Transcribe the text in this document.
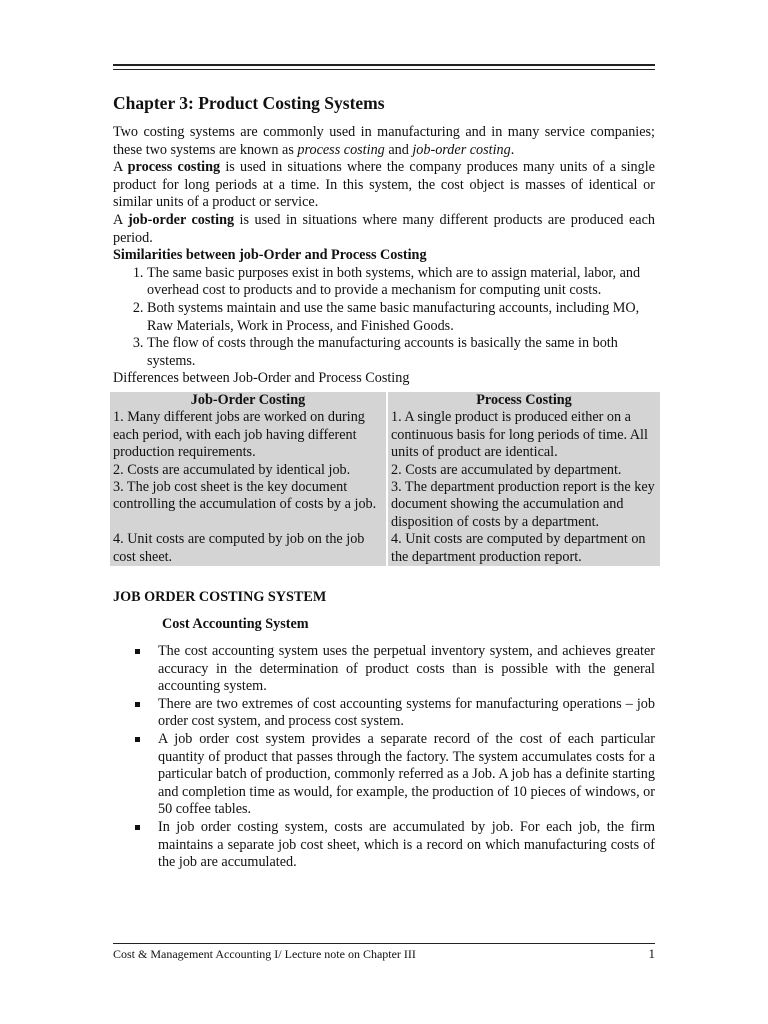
Chapter 3: Product Costing Systems

Two costing systems are commonly used in manufacturing and in many service companies; these two systems are known as process costing and job-order costing.

A process costing is used in situations where the company produces many units of a single product for long periods at a time. In this system, the cost object is masses of identical or similar units of a product or service.

A job-order costing is used in situations where many different products are produced each period.

Similarities between job-Order and Process Costing

1. The same basic purposes exist in both systems, which are to assign material, labor, and overhead cost to products and to provide a mechanism for computing unit costs.
2. Both systems maintain and use the same basic manufacturing accounts, including MO, Raw Materials, Work in Process, and Finished Goods.
3. The flow of costs through the manufacturing accounts is basically the same in both systems.

Differences between Job-Order and Process Costing

Job-Order Costing	Process Costing
1. Many different jobs are worked on during each period, with each job having different production requirements.	1. A single product is produced either on a continuous basis for long periods of time. All units of product are identical.
2. Costs are accumulated by identical job.	2. Costs are accumulated by department.
3. The job cost sheet is the key document controlling the accumulation of costs by a job.	3. The department production report is the key document showing the accumulation and disposition of costs by a department.
4. Unit costs are computed by job on the job cost sheet.	4. Unit costs are computed by department on the department production report.
JOB ORDER COSTING SYSTEM
Cost Accounting System
The cost accounting system uses the perpetual inventory system, and achieves greater accuracy in the determination of product costs than is possible with the general accounting system.
There are two extremes of cost accounting systems for manufacturing operations – job order cost system, and process cost system.
A job order cost system provides a separate record of the cost of each particular quantity of product that passes through the factory. The system accumulates costs for a particular batch of production, commonly referred as a Job. A job has a definite starting and completion time as would, for example, the production of 10 pieces of windows, or 50 coffee tables.
In job order costing system, costs are accumulated by job. For each job, the firm maintains a separate job cost sheet, which is a record on which manufacturing costs of the job are accumulated.
Cost & Management Accounting I/ Lecture note on Chapter III	1
